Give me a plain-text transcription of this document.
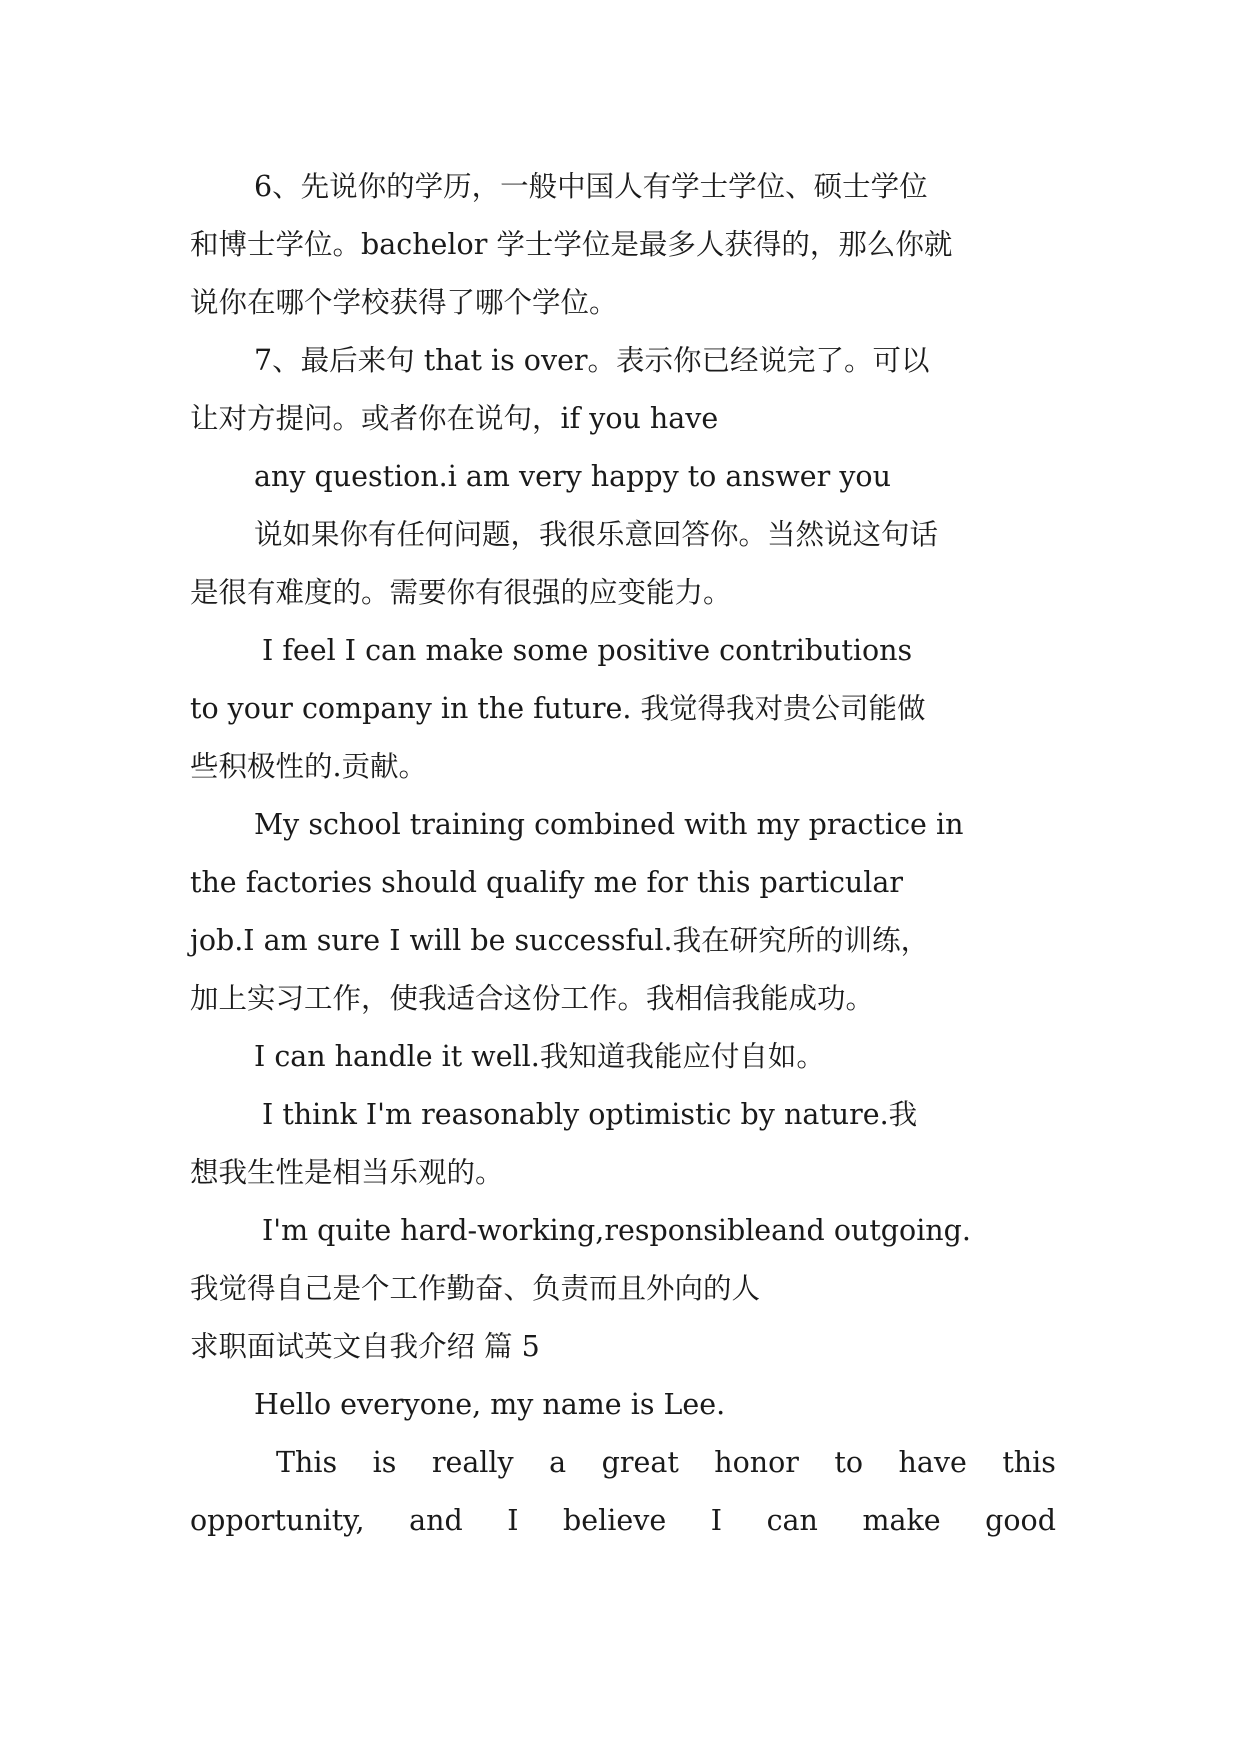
6、先说你的学历，一般中国人有学士学位、硕士学位
和博士学位。bachelor 学士学位是最多人获得的，那么你就
说你在哪个学校获得了哪个学位。
7、最后来句 that is over。表示你已经说完了。可以
让对方提问。或者你在说句，if you have
any question.i am very happy to answer you
说如果你有任何问题，我很乐意回答你。当然说这句话
是很有难度的。需要你有很强的应变能力。
I feel I can make some positive contributions
to your company in the future. 我觉得我对贵公司能做
些积极性的.贡献。
My school training combined with my practice in
the factories should qualify me for this particular
job.I am sure I will be successful.我在研究所的训练，
加上实习工作，使我适合这份工作。我相信我能成功。
I can handle it well.我知道我能应付自如。
I think I'm reasonably optimistic by nature.我
想我生性是相当乐观的。
I'm quite hard-working,responsibleand outgoing.
我觉得自己是个工作勤奋、负责而且外向的人
求职面试英文自我介绍 篇 5
Hello everyone, my name is Lee.
This is really a great honor to have this
opportunity, and I believe I can make good
